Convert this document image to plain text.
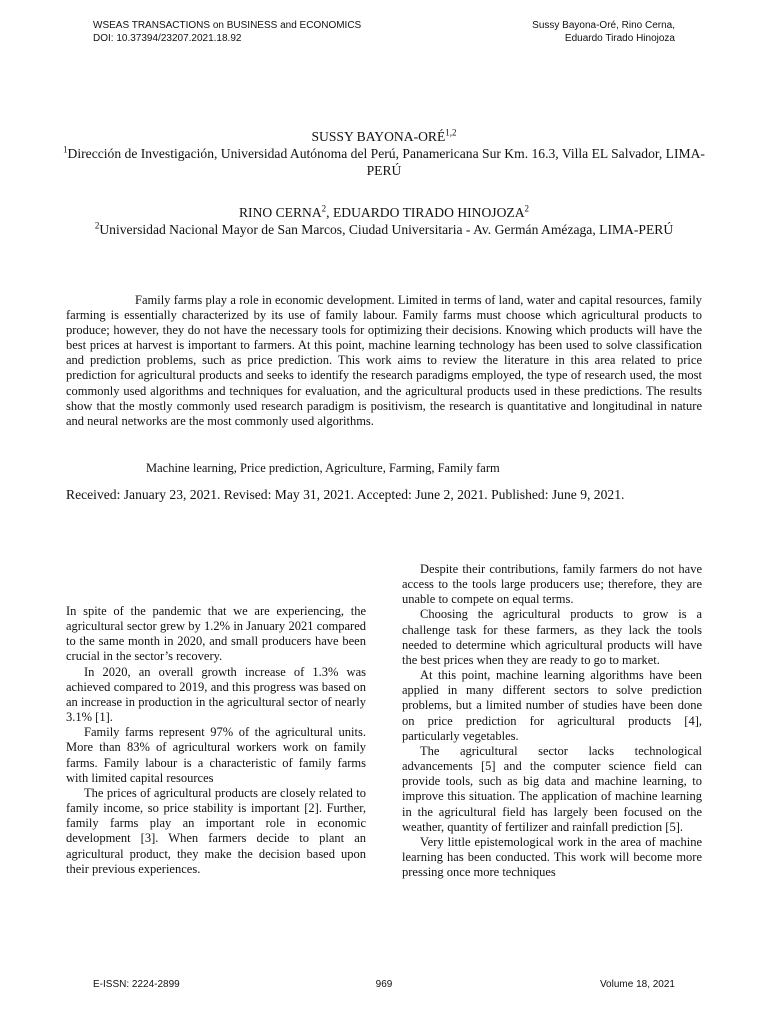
WSEAS TRANSACTIONS on BUSINESS and ECONOMICS
DOI: 10.37394/23207.2021.18.92
Sussy Bayona-Oré, Rino Cerna,
Eduardo Tirado Hinojoza
SUSSY BAYONA-ORÉ$^{1,2}$
$^1$Dirección de Investigación, Universidad Autónoma del Perú, Panamericana Sur Km. 16.3, Villa EL Salvador, LIMA-PERÚ
RINO CERNA$^2$, EDUARDO TIRADO HINOJOZA$^2$
$^2$Universidad Nacional Mayor de San Marcos, Ciudad Universitaria - Av. Germán Amézaga, LIMA-PERÚ
Family farms play a role in economic development. Limited in terms of land, water and capital resources, family farming is essentially characterized by its use of family labour. Family farms must choose which agricultural products to produce; however, they do not have the necessary tools for optimizing their decisions. Knowing which products will have the best prices at harvest is important to farmers. At this point, machine learning technology has been used to solve classification and prediction problems, such as price prediction. This work aims to review the literature in this area related to price prediction for agricultural products and seeks to identify the research paradigms employed, the type of research used, the most commonly used algorithms and techniques for evaluation, and the agricultural products used in these predictions. The results show that the mostly commonly used research paradigm is positivism, the research is quantitative and longitudinal in nature and neural networks are the most commonly used algorithms.
Machine learning, Price prediction, Agriculture, Farming, Family farm
Received: January 23, 2021. Revised: May 31, 2021. Accepted: June 2, 2021. Published: June 9, 2021.

In spite of the pandemic that we are experiencing, the agricultural sector grew by 1.2% in January 2021 compared to the same month in 2020, and small producers have been crucial in the sector’s recovery.

In 2020, an overall growth increase of 1.3% was achieved compared to 2019, and this progress was based on an increase in production in the agricultural sector of nearly 3.1% [1].

Family farms represent 97% of the agricultural units. More than 83% of agricultural workers work on family farms. Family labour is a characteristic of family farms with limited capital resources

The prices of agricultural products are closely related to family income, so price stability is important [2]. Further, family farms play an important role in economic development [3]. When farmers decide to plant an agricultural product, they make the decision based upon their previous experiences.

Despite their contributions, family farmers do not have access to the tools large producers use; therefore, they are unable to compete on equal terms.

Choosing the agricultural products to grow is a challenge task for these farmers, as they lack the tools needed to determine which agricultural products will have the best prices when they are ready to go to market.

At this point, machine learning algorithms have been applied in many different sectors to solve prediction problems, but a limited number of studies have been done on price prediction for agricultural products [4], particularly vegetables.

The agricultural sector lacks technological advancements [5] and the computer science field can provide tools, such as big data and machine learning, to improve this situation. The application of machine learning in the agricultural field has largely been focused on the weather, quantity of fertilizer and rainfall prediction [5].

Very little epistemological work in the area of machine learning has been conducted. This work will become more pressing once more techniques

E-ISSN: 2224-2899	969	Volume 18, 2021
